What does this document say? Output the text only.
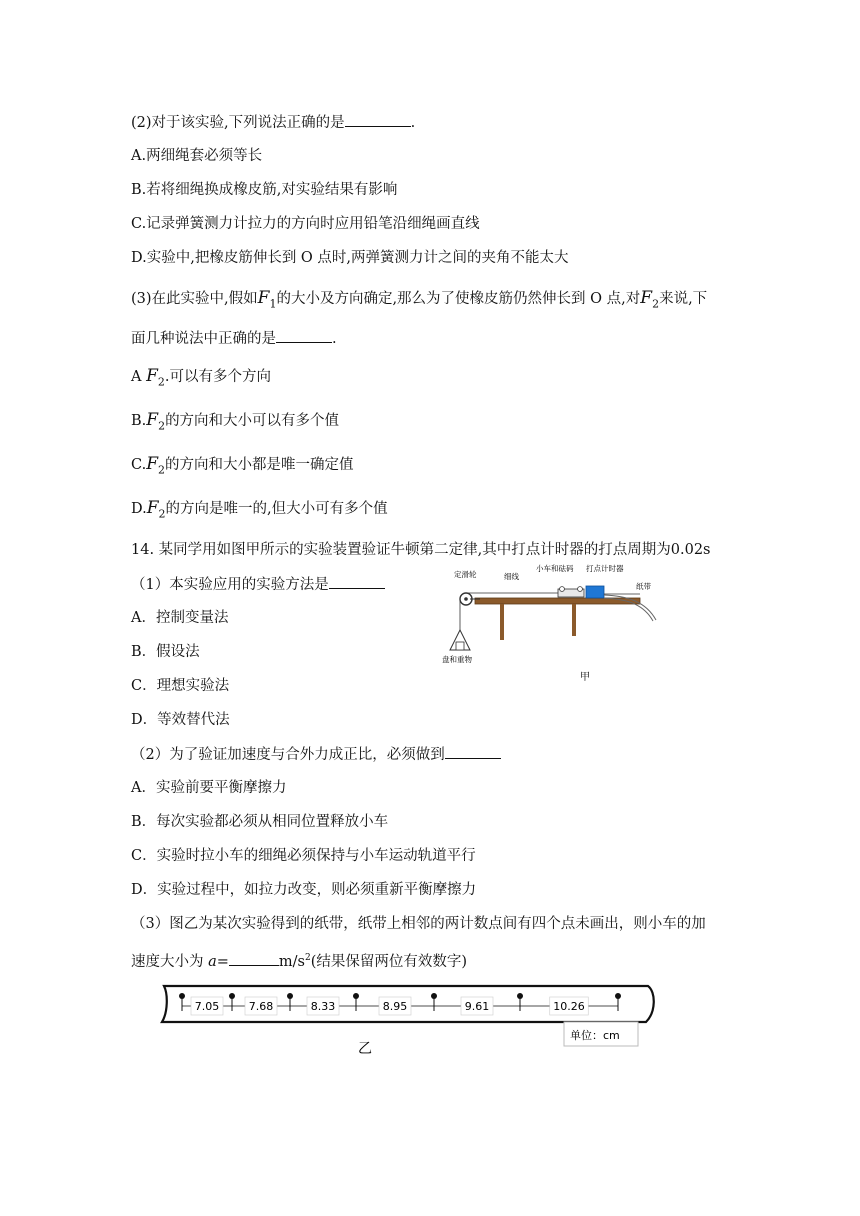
(2)对于该实验,下列说法正确的是	.
A.两细绳套必须等长
B.若将细绳换成橡皮筋,对实验结果有影响
C.记录弹簧测力计拉力的方向时应用铅笔沿细绳画直线
D.实验中,把橡皮筋伸长到 O 点时,两弹簧测力计之间的夹角不能太大
(3)在此实验中,假如$F_1$的大小及方向确定,那么为了使橡皮筋仍然伸长到 O 点,对$F_2$来说,下
面几种说法中正确的是	.
A $F_2$.可以有多个方向
$B.F_2$的方向和大小可以有多个值
$C.F_2$的方向和大小都是唯一确定值
$D.F_2$的方向是唯一的,但大小可有多个值
14. 某同学用如图甲所示的实验装置验证牛顿第二定律,其中打点计时器的打点周期为0.02s
（1）本实验应用的实验方法是
A．控制变量法
B．假设法
C．理想实验法
D．等效替代法
（2）为了验证加速度与合外力成正比，必须做到
A．实验前要平衡摩擦力
B．每次实验都必须从相同位置释放小车
C．实验时拉小车的细绳必须保持与小车运动轨道平行
D．实验过程中，如拉力改变，则必须重新平衡摩擦力
（3）图乙为某次实验得到的纸带，纸带上相邻的两计数点间有四个点未画出，则小车的加
速度大小为 a=	$m/s^2$(结果保留两位有效数字)
定滑轮	细线
小车和砝码 打点计时器
纸带
盘和重物
甲
单位：cm
7.05	7.68	8.33	8.95	9.61	10.26
乙
